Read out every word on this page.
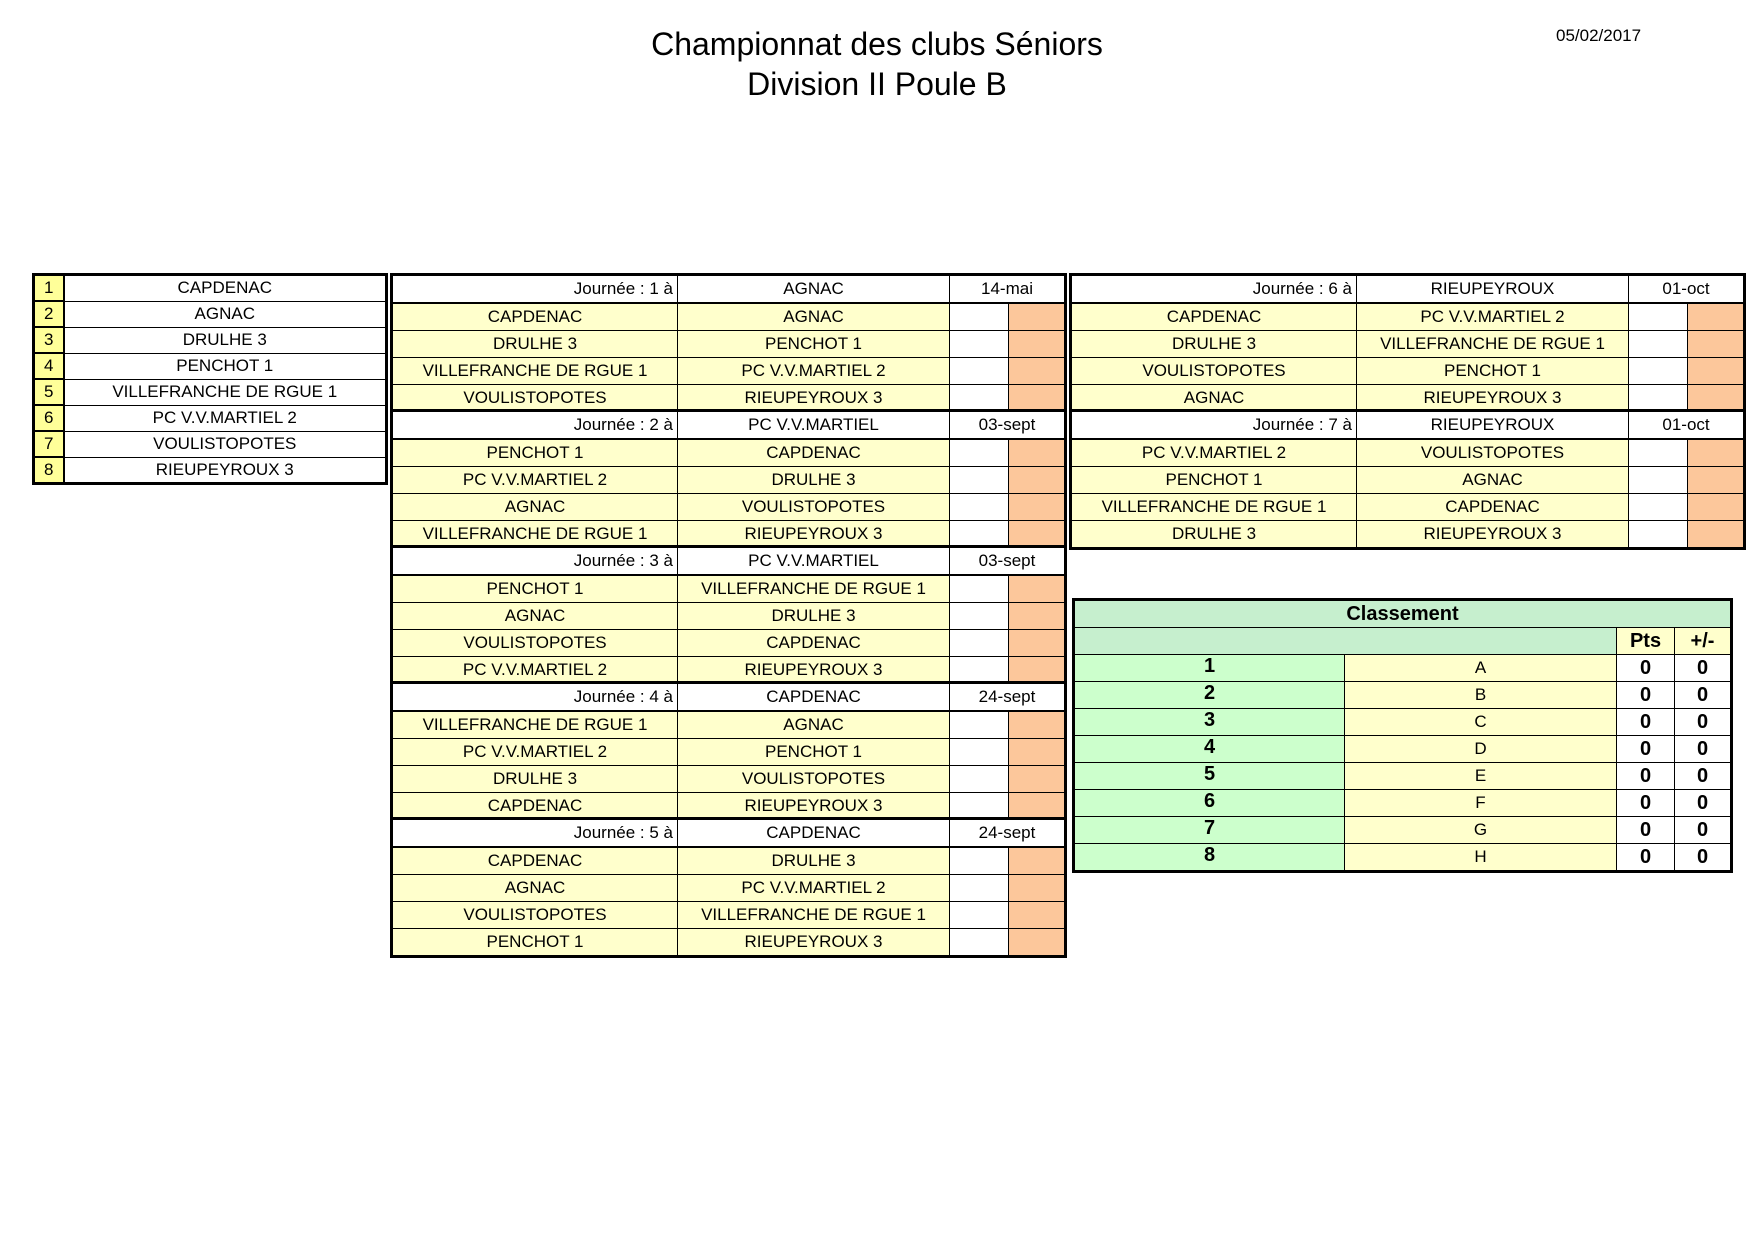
Championnat des clubs Séniors
Division II Poule B
05/02/2017
1	CAPDENAC
2	AGNAC
3	DRULHE 3
4	PENCHOT 1
5	VILLEFRANCHE DE RGUE 1
6	PC V.V.MARTIEL 2
7	VOULISTOPOTES
8	RIEUPEYROUX 3
Journée : 1 à	AGNAC	14-mai	
CAPDENAC	AGNAC		
DRULHE 3	PENCHOT 1		
VILLEFRANCHE DE RGUE 1	PC V.V.MARTIEL 2		
VOULISTOPOTES	RIEUPEYROUX 3		
Journée : 2 à	PC V.V.MARTIEL	03-sept	
PENCHOT 1	CAPDENAC		
PC V.V.MARTIEL 2	DRULHE 3		
AGNAC	VOULISTOPOTES		
VILLEFRANCHE DE RGUE 1	RIEUPEYROUX 3		
Journée : 3 à	PC V.V.MARTIEL	03-sept	
PENCHOT 1	VILLEFRANCHE DE RGUE 1		
AGNAC	DRULHE 3		
VOULISTOPOTES	CAPDENAC		
PC V.V.MARTIEL 2	RIEUPEYROUX 3		
Journée : 4 à	CAPDENAC	24-sept	
VILLEFRANCHE DE RGUE 1	AGNAC		
PC V.V.MARTIEL 2	PENCHOT 1		
DRULHE 3	VOULISTOPOTES		
CAPDENAC	RIEUPEYROUX 3		
Journée : 5 à	CAPDENAC	24-sept	
CAPDENAC	DRULHE 3		
AGNAC	PC V.V.MARTIEL 2		
VOULISTOPOTES	VILLEFRANCHE DE RGUE 1		
PENCHOT 1	RIEUPEYROUX 3		
Journée : 6 à	RIEUPEYROUX	01-oct	
CAPDENAC	PC V.V.MARTIEL 2		
DRULHE 3	VILLEFRANCHE DE RGUE 1		
VOULISTOPOTES	PENCHOT 1		
AGNAC	RIEUPEYROUX 3		
Journée : 7 à	RIEUPEYROUX	01-oct	
PC V.V.MARTIEL 2	VOULISTOPOTES		
PENCHOT 1	AGNAC		
VILLEFRANCHE DE RGUE 1	CAPDENAC		
DRULHE 3	RIEUPEYROUX 3		
Classement			
		Pts	+/-
1	A	0	0
2	B	0	0
3	C	0	0
4	D	0	0
5	E	0	0
6	F	0	0
7	G	0	0
8	H	0	0
